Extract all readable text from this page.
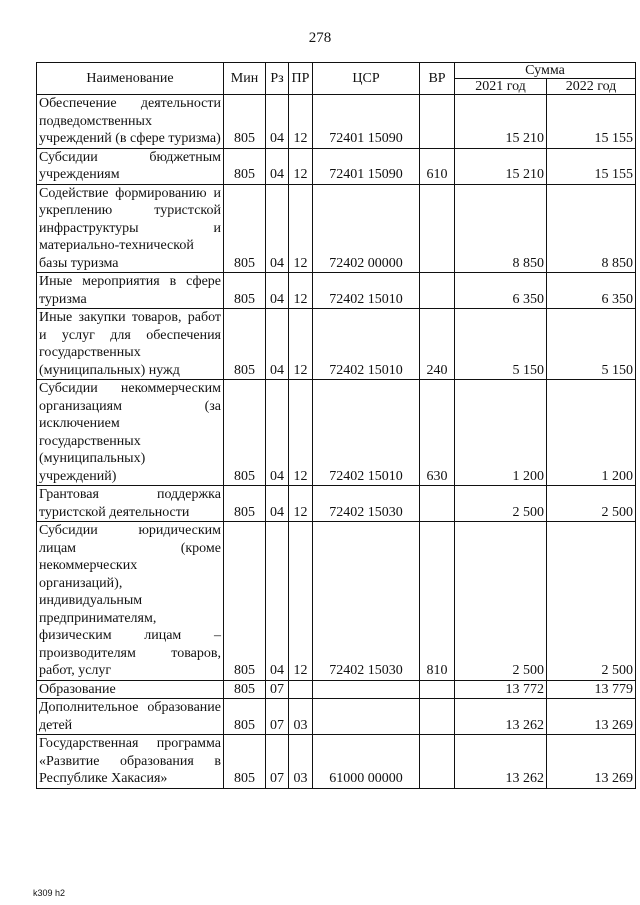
278
Наименование	Мин	Рз	ПР	ЦСР	ВР	Сумма	
						2021 год	2022 год
Обеспечение деятельности подведомственных учреждений (в сфере туризма)	805	04	12	72401 15090		15 210	15 155
Субсидии бюджетным учреждениям	805	04	12	72401 15090	610	15 210	15 155
Содействие формированию и укреплению туристской инфраструктуры и материально-технической базы туризма	805	04	12	72402 00000		8 850	8 850
Иные мероприятия в сфере туризма	805	04	12	72402 15010		6 350	6 350
Иные закупки товаров, работ и услуг для обеспечения государственных (муниципальных) нужд	805	04	12	72402 15010	240	5 150	5 150
Субсидии некоммерческим организациям (за исключением государственных (муниципальных) учреждений)	805	04	12	72402 15010	630	1 200	1 200
Грантовая поддержка туристской деятельности	805	04	12	72402 15030		2 500	2 500
Субсидии юридическим лицам (кроме некоммерческих организаций), индивидуальным предпринимателям, физическим лицам – производителям товаров, работ, услуг	805	04	12	72402 15030	810	2 500	2 500
Образование	805	07				13 772	13 779
Дополнительное образование детей	805	07	03			13 262	13 269
Государственная программа «Развитие образования в Республике Хакасия»	805	07	03	61000 00000		13 262	13 269
k309 h2
